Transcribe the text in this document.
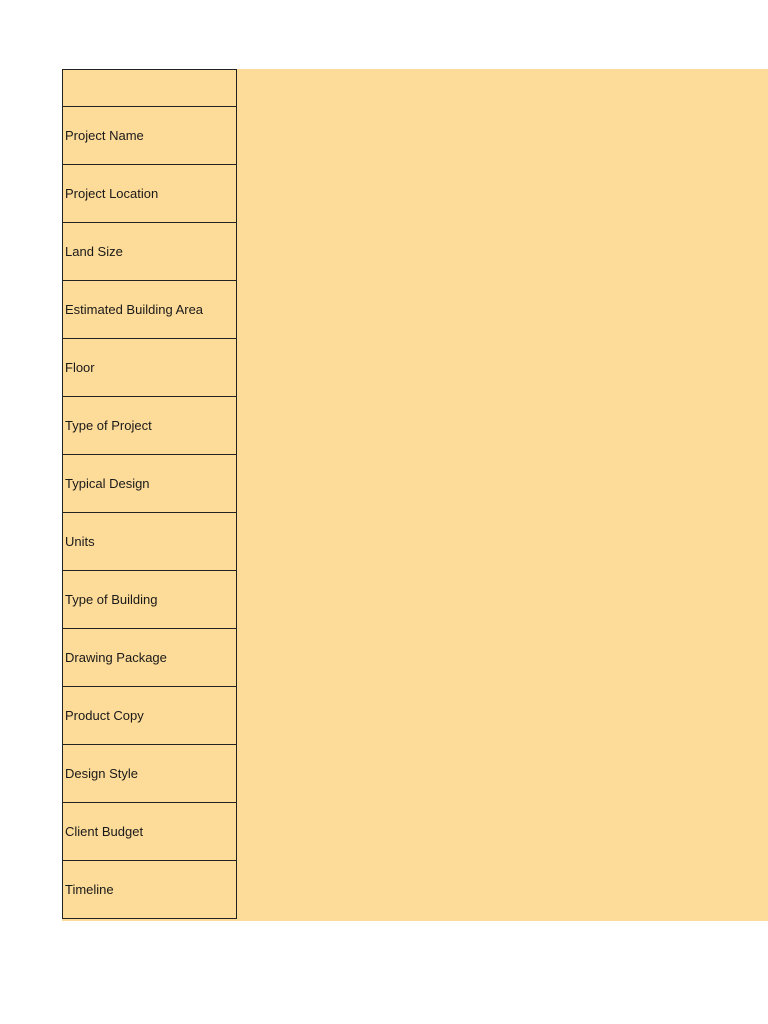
Project Name
Project Location
Land Size
Estimated Building Area
Floor
Type of Project
Typical Design
Units
Type of Building
Drawing Package
Product Copy
Design Style
Client Budget
Timeline
